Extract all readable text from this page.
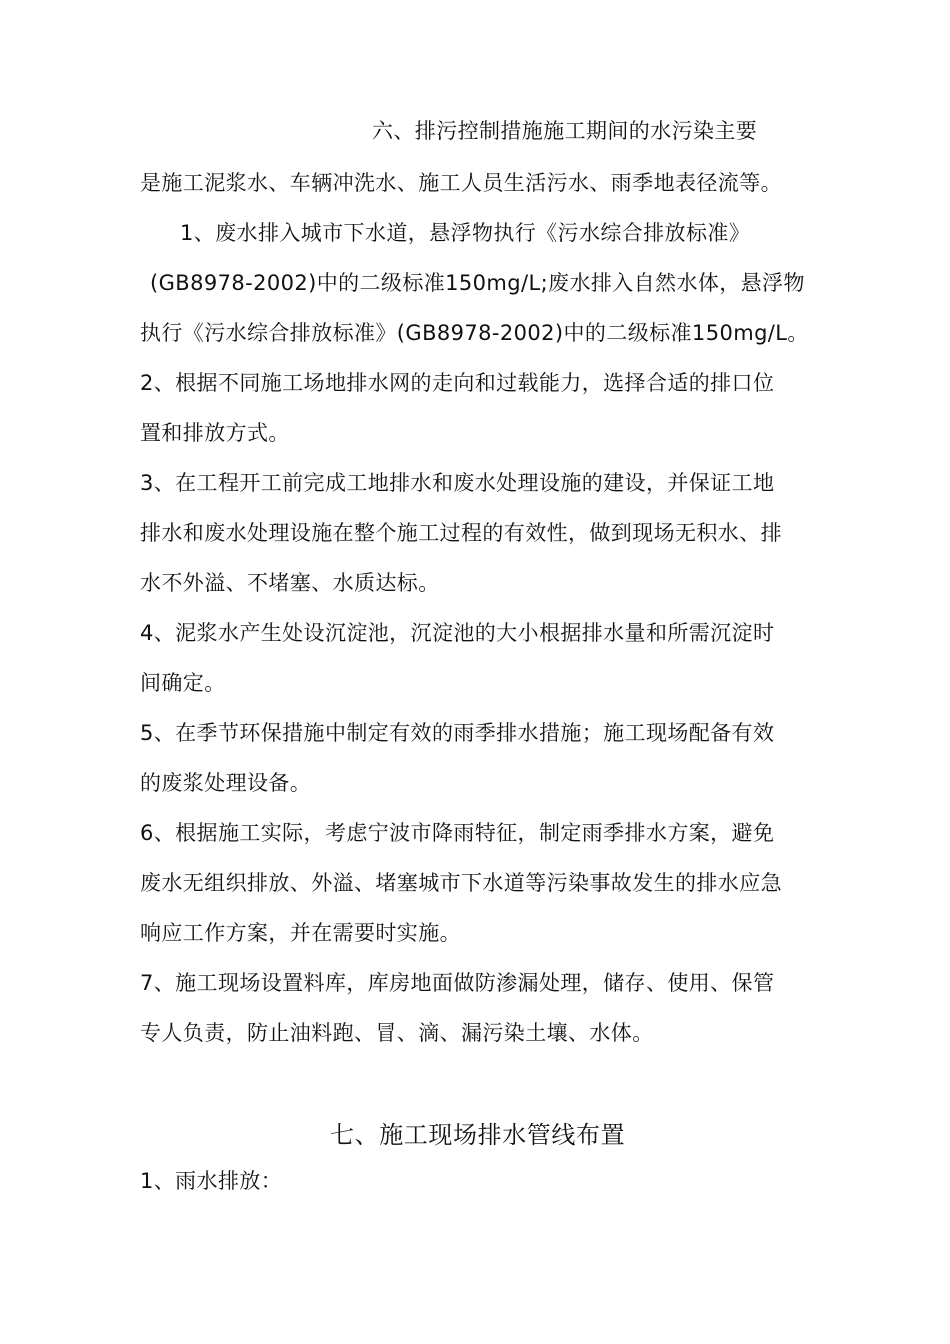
六、排污控制措施施工期间的水污染主要
是施工泥浆水、车辆冲洗水、施工人员生活污水、雨季地表径流等。
1、废水排入城市下水道，悬浮物执行《污水综合排放标准》
(GB8978-2002)中的二级标准150mg/L;废水排入自然水体，悬浮物
执行《污水综合排放标准》(GB8978-2002)中的二级标准150mg/L。
2、根据不同施工场地排水网的走向和过载能力，选择合适的排口位
置和排放方式。
3、在工程开工前完成工地排水和废水处理设施的建设，并保证工地
排水和废水处理设施在整个施工过程的有效性，做到现场无积水、排
水不外溢、不堵塞、水质达标。
4、泥浆水产生处设沉淀池，沉淀池的大小根据排水量和所需沉淀时
间确定。
5、在季节环保措施中制定有效的雨季排水措施；施工现场配备有效
的废浆处理设备。
6、根据施工实际，考虑宁波市降雨特征，制定雨季排水方案，避免
废水无组织排放、外溢、堵塞城市下水道等污染事故发生的排水应急
响应工作方案，并在需要时实施。
7、施工现场设置料库，库房地面做防渗漏处理，储存、使用、保管
专人负责，防止油料跑、冒、滴、漏污染土壤、水体。
七、施工现场排水管线布置
1、雨水排放：
